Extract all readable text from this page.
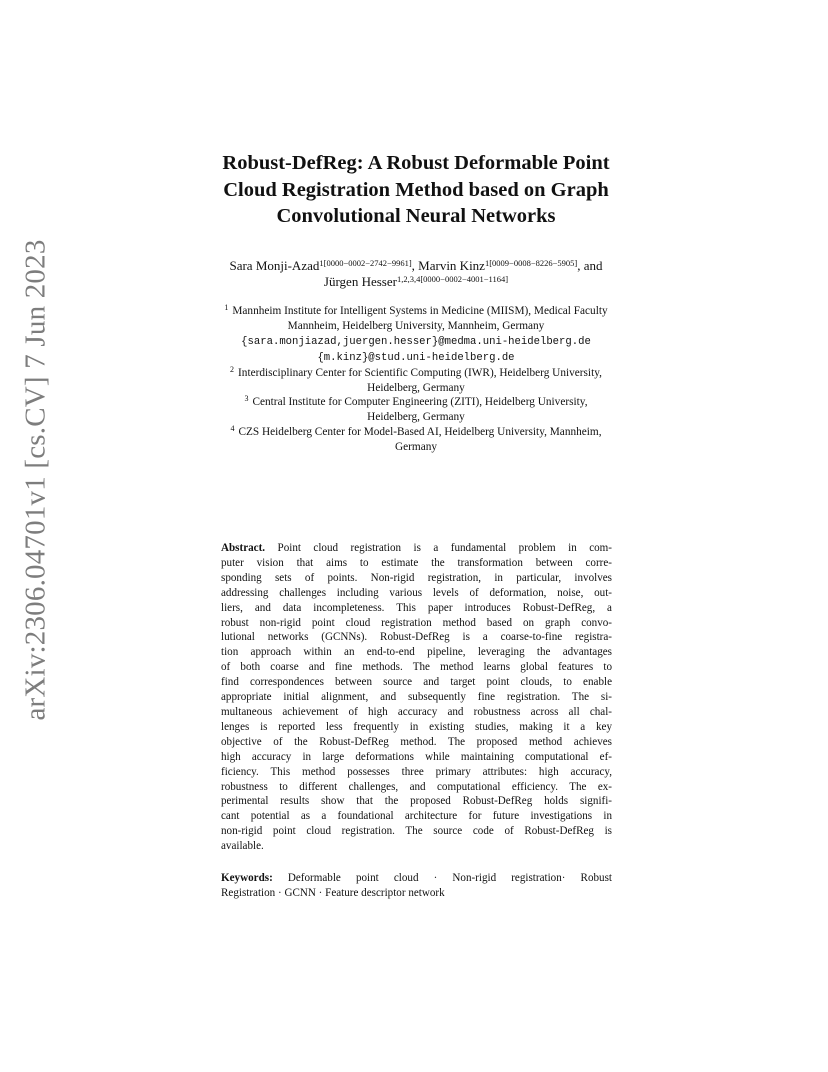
arXiv:2306.04701v1 [cs.CV] 7 Jun 2023
Robust-DefReg: A Robust Deformable Point
Cloud Registration Method based on Graph
Convolutional Neural Networks
Sara Monji-Azad$^{1[0000-0002-2742-9961]}$, Marvin Kinz$^{1[0009-0008-8226-5905]}$, and
Jürgen Hesser$^{1,2,3,4[0000-0002-4001-1164]}$
$^1$ Mannheim Institute for Intelligent Systems in Medicine (MIISM), Medical Faculty
Mannheim, Heidelberg University, Mannheim, Germany
{sara.monjiazad,juergen.hesser}@medma.uni-heidelberg.de
{m.kinz}@stud.uni-heidelberg.de
$^2$ Interdisciplinary Center for Scientific Computing (IWR), Heidelberg University,
Heidelberg, Germany
$^3$ Central Institute for Computer Engineering (ZITI), Heidelberg University,
Heidelberg, Germany
$^4$ CZS Heidelberg Center for Model-Based AI, Heidelberg University, Mannheim,
Germany
Abstract. Point cloud registration is a fundamental problem in com-
puter vision that aims to estimate the transformation between corre-
sponding sets of points. Non-rigid registration, in particular, involves
addressing challenges including various levels of deformation, noise, out-
liers, and data incompleteness. This paper introduces Robust-DefReg, a
robust non-rigid point cloud registration method based on graph convo-
lutional networks (GCNNs). Robust-DefReg is a coarse-to-fine registra-
tion approach within an end-to-end pipeline, leveraging the advantages
of both coarse and fine methods. The method learns global features to
find correspondences between source and target point clouds, to enable
appropriate initial alignment, and subsequently fine registration. The si-
multaneous achievement of high accuracy and robustness across all chal-
lenges is reported less frequently in existing studies, making it a key
objective of the Robust-DefReg method. The proposed method achieves
high accuracy in large deformations while maintaining computational ef-
ficiency. This method possesses three primary attributes: high accuracy,
robustness to different challenges, and computational efficiency. The ex-
perimental results show that the proposed Robust-DefReg holds signifi-
cant potential as a foundational architecture for future investigations in
non-rigid point cloud registration. The source code of Robust-DefReg is
available.
Keywords: Deformable point cloud · Non-rigid registration· Robust
Registration · GCNN · Feature descriptor network
